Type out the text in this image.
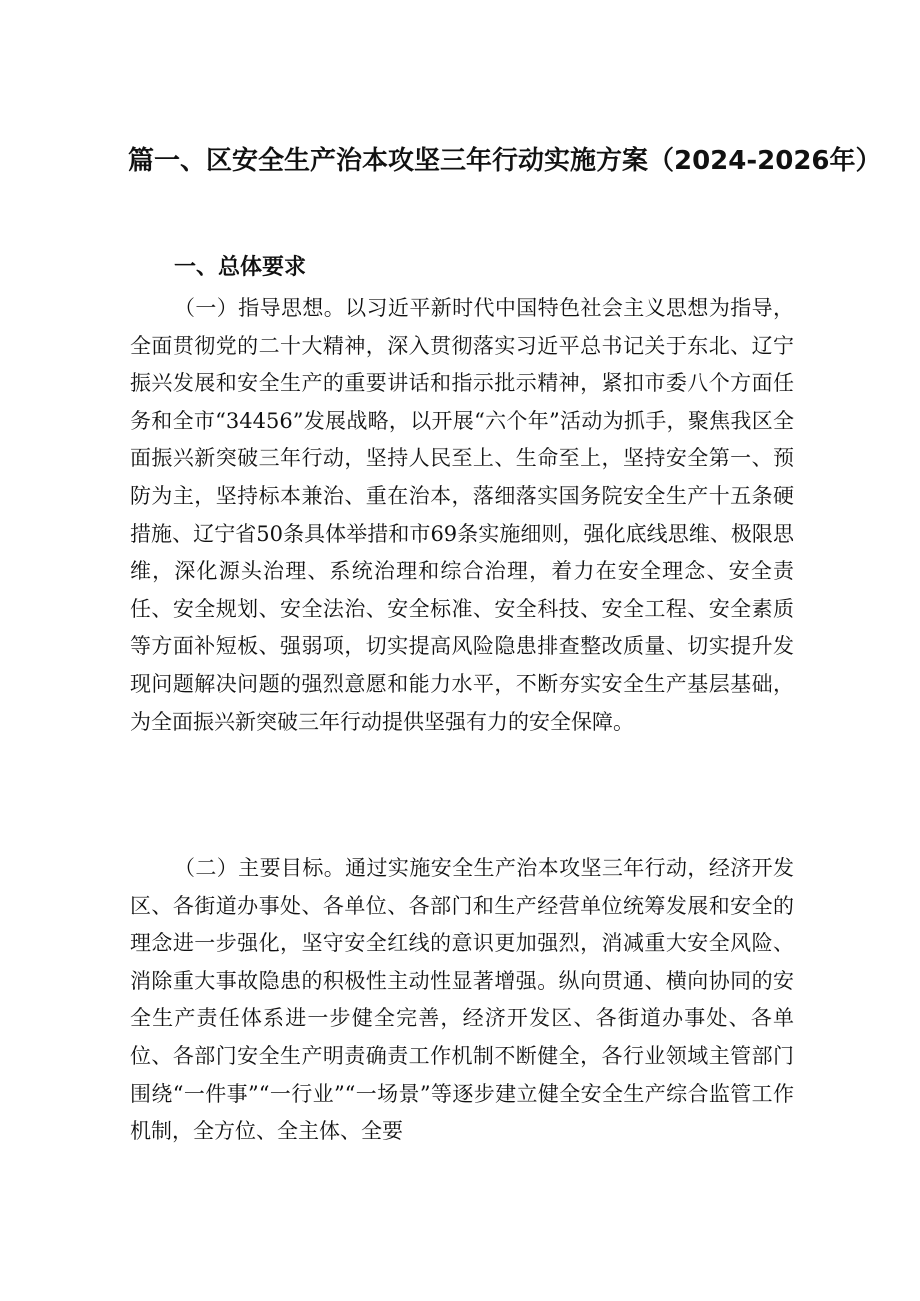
篇一、区安全生产治本攻坚三年行动实施方案（2024-2026年）
一、总体要求

（一）指导思想。以习近平新时代中国特色社会主义思想为指导，全面贯彻党的二十大精神，深入贯彻落实习近平总书记关于东北、辽宁振兴发展和安全生产的重要讲话和指示批示精神，紧扣市委八个方面任务和全市“34456”发展战略，以开展“六个年”活动为抓手，聚焦我区全面振兴新突破三年行动，坚持人民至上、生命至上，坚持安全第一、预防为主，坚持标本兼治、重在治本，落细落实国务院安全生产十五条硬措施、辽宁省50条具体举措和市69条实施细则，强化底线思维、极限思维，深化源头治理、系统治理和综合治理，着力在安全理念、安全责任、安全规划、安全法治、安全标准、安全科技、安全工程、安全素质等方面补短板、强弱项，切实提高风险隐患排查整改质量、切实提升发现问题解决问题的强烈意愿和能力水平，不断夯实安全生产基层基础，为全面振兴新突破三年行动提供坚强有力的安全保障。

（二）主要目标。通过实施安全生产治本攻坚三年行动，经济开发区、各街道办事处、各单位、各部门和生产经营单位统筹发展和安全的理念进一步强化，坚守安全红线的意识更加强烈，消减重大安全风险、消除重大事故隐患的积极性主动性显著增强。纵向贯通、横向协同的安全生产责任体系进一步健全完善，经济开发区、各街道办事处、各单位、各部门安全生产明责确责工作机制不断健全，各行业领域主管部门围绕“一件事”“一行业”“一场景”等逐步建立健全安全生产综合监管工作机制，全方位、全主体、全要
